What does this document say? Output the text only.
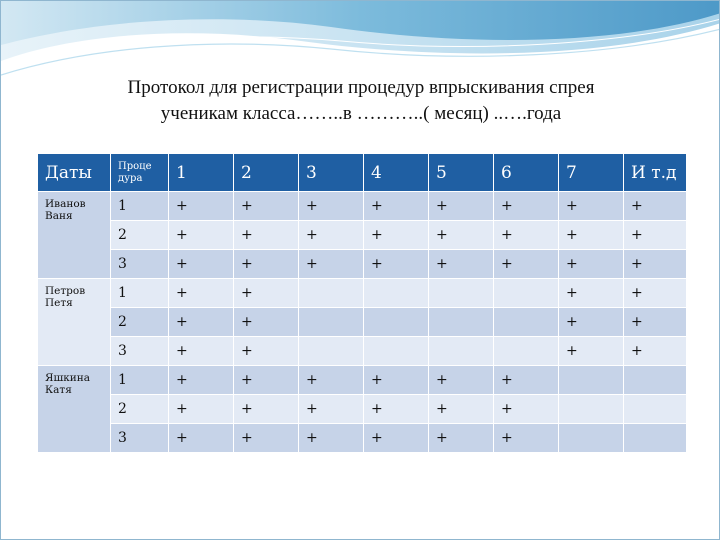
Протокол для регистрации процедур впрыскивания спрея
ученикам класса……..в ………..( месяц) ..….года
Даты	Проце дура	1	2	3	4	5	6	7	И т.д
Иванов Ваня	1	+	+	+	+	+	+	+	+
	2	+	+	+	+	+	+	+	+
	3	+	+	+	+	+	+	+	+
Петров Петя	1	+	+					+	+
	2	+	+					+	+
	3	+	+					+	+
Яшкина Катя	1	+	+	+	+	+	+		
	2	+	+	+	+	+	+		
	3	+	+	+	+	+	+		
